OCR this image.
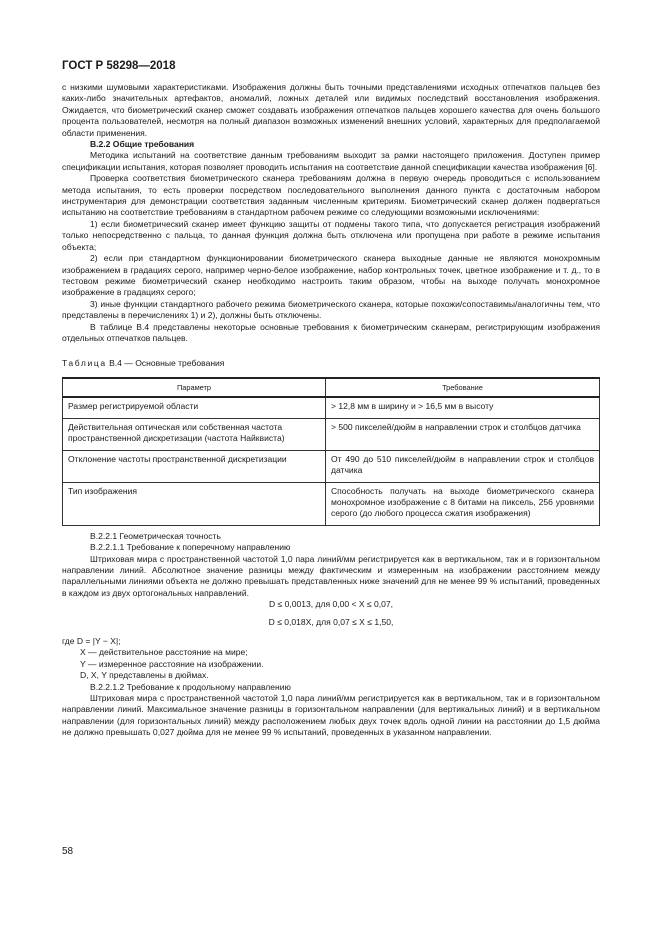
ГОСТ Р 58298—2018

с низкими шумовыми характеристиками. Изображения должны быть точными представлениями исходных отпечатков пальцев без каких-либо значительных артефактов, аномалий, ложных деталей или видимых последствий восстановления изображения. Ожидается, что биометрический сканер сможет создавать изображения отпечатков пальцев хорошего качества для очень большого процента пользователей, несмотря на полный диапазон возможных изменений внешних условий, характерных для предполагаемой области применения.

В.2.2 Общие требования

Методика испытаний на соответствие данным требованиям выходит за рамки настоящего приложения. Доступен пример спецификации испытания, которая позволяет проводить испытания на соответствие данной спецификации качества изображения [6].

Проверка соответствия биометрического сканера требованиям должна в первую очередь проводиться с использованием метода испытания, то есть проверки посредством последовательного выполнения данного пункта с достаточным набором инструментария для демонстрации соответствия заданным численным критериям. Биометрический сканер должен подвергаться испытанию на соответствие требованиям в стандартном рабочем режиме со следующими возможными исключениями:

1) если биометрический сканер имеет функцию защиты от подмены такого типа, что допускается регистрация изображений только непосредственно с пальца, то данная функция должна быть отключена или пропущена при работе в режиме испытания объекта;

2) если при стандартном функционировании биометрического сканера выходные данные не являются монохромным изображением в градациях серого, например черно-белое изображение, набор контрольных точек, цветное изображение и т. д., то в тестовом режиме биометрический сканер необходимо настроить таким образом, чтобы на выходе получать монохромное изображение в градациях серого;

3) иные функции стандартного рабочего режима биометрического сканера, которые похожи/сопоставимы/аналогичны тем, что представлены в перечислениях 1) и 2), должны быть отключены.

В таблице В.4 представлены некоторые основные требования к биометрическим сканерам, регистрирующим изображения отдельных отпечатков пальцев.

Таблица В.4 — Основные требования

Параметр	Требование
Размер регистрируемой области	> 12,8 мм в ширину и > 16,5 мм в высоту
Действительная оптическая или собственная частота пространственной дискретизации (частота Найквиста)	> 500 пикселей/дюйм в направлении строк и столбцов датчика
Отклонение частоты пространственной дискретизации	От 490 до 510 пикселей/дюйм в направлении строк и столбцов датчика
Тип изображения	Способность получать на выходе биометрического сканера монохромное изображение с 8 битами на пиксель, 256 уровнями серого (до любого процесса сжатия изображения)

В.2.2.1 Геометрическая точность

В.2.2.1.1 Требование к поперечному направлению

Штриховая мира с пространственной частотой 1,0 пара линий/мм регистрируется как в вертикальном, так и в горизонтальном направлении линий. Абсолютное значение разницы между фактическим и измеренным на изображении расстоянием между параллельными линиями объекта не должно превышать представленных ниже значений для не менее 99 % испытаний, проведенных в каждом из двух ортогональных направлений.

D ≤ 0,0013, для 0,00 < X ≤ 0,07,

D ≤ 0,018X, для 0,07 ≤ X ≤ 1,50,

где D = |Y − X|;

X — действительное расстояние на мире;

Y — измеренное расстояние на изображении.

D, X, Y представлены в дюймах.

В.2.2.1.2 Требование к продольному направлению

Штриховая мира с пространственной частотой 1,0 пара линий/мм регистрируется как в вертикальном, так и в горизонтальном направлении линий. Максимальное значение разницы в горизонтальном направлении (для вертикальных линий) и в вертикальном направлении (для горизонтальных линий) между расположением любых двух точек вдоль одной линии на расстоянии до 1,5 дюйма не должно превышать 0,027 дюйма для не менее 99 % испытаний, проведенных в указанном направлении.

58
